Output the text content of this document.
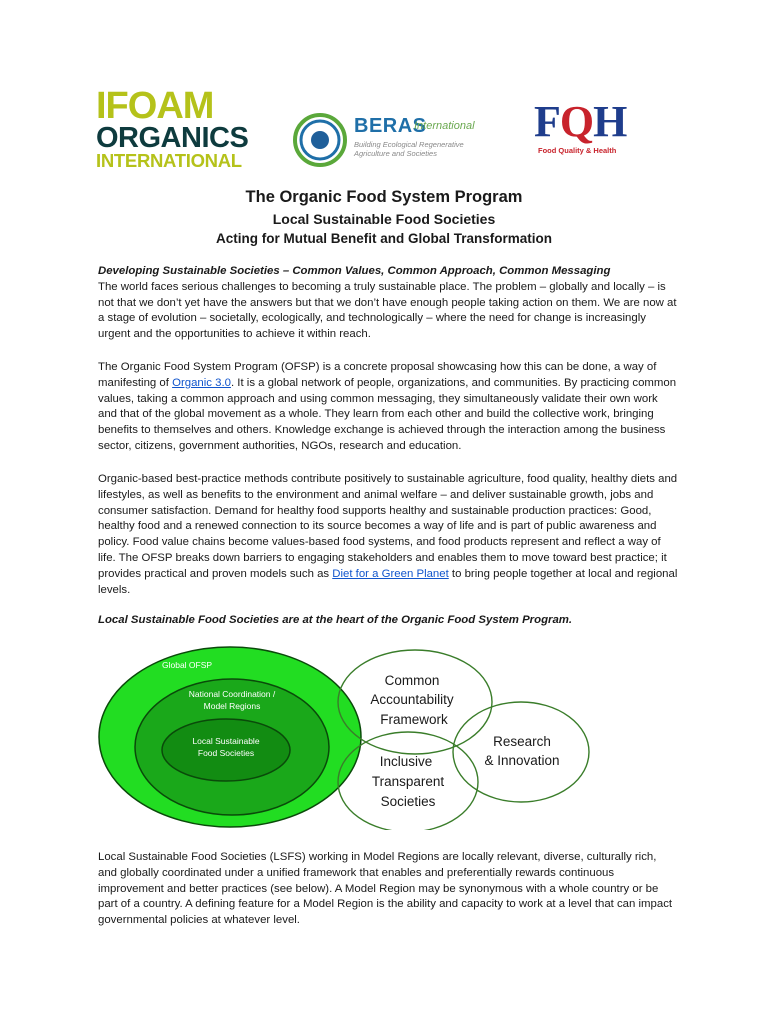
IFOAM
ORGANICS
INTERNATIONAL
BERAS
International
Building Ecological Regenerative Agriculture and Societies
FQH
Food Quality & Health
The Organic Food System Program
Local Sustainable Food Societies
Acting for Mutual Benefit and Global Transformation

Developing Sustainable Societies – Common Values, Common Approach, Common Messaging

The world faces serious challenges to becoming a truly sustainable place. The problem – globally and locally – is not that we don’t yet have the answers but that we don’t have enough people taking action on them. We are now at a stage of evolution – societally, ecologically, and technologically – where the need for change is increasingly urgent and the opportunities to achieve it within reach.

The Organic Food System Program (OFSP) is a concrete proposal showcasing how this can be done, a way of manifesting of Organic 3.0. It is a global network of people, organizations, and communities. By practicing common values, taking a common approach and using common messaging, they simultaneously validate their own work and that of the global movement as a whole. They learn from each other and build the collective work, bringing benefits to themselves and others. Knowledge exchange is achieved through the interaction among the business sector, citizens, government authorities, NGOs, research and education.

Organic-based best-practice methods contribute positively to sustainable agriculture, food quality, healthy diets and lifestyles, as well as benefits to the environment and animal welfare – and deliver sustainable growth, jobs and consumer satisfaction. Demand for healthy food supports healthy and sustainable production practices: Good, healthy food and a renewed connection to its source becomes a way of life and is part of public awareness and policy. Food value chains become values-based food systems, and food products represent and reflect a way of life. The OFSP breaks down barriers to engaging stakeholders and enables them to move toward best practice; it provides practical and proven models such as Diet for a Green Planet to bring people together at local and regional levels.

Local Sustainable Food Societies are at the heart of the Organic Food System Program.

Global OFSP
National Coordination /
Model Regions
Local Sustainable
Food Societies
Common
Accountability
Framework
Research
& Innovation
Inclusive
Transparent
Societies

Local Sustainable Food Societies (LSFS) working in Model Regions are locally relevant, diverse, culturally rich, and globally coordinated under a unified framework that enables and preferentially rewards continuous improvement and better practices (see below). A Model Region may be synonymous with a whole country or be part of a country. A defining feature for a Model Region is the ability and capacity to work at a level that can impact governmental policies at whatever level.
